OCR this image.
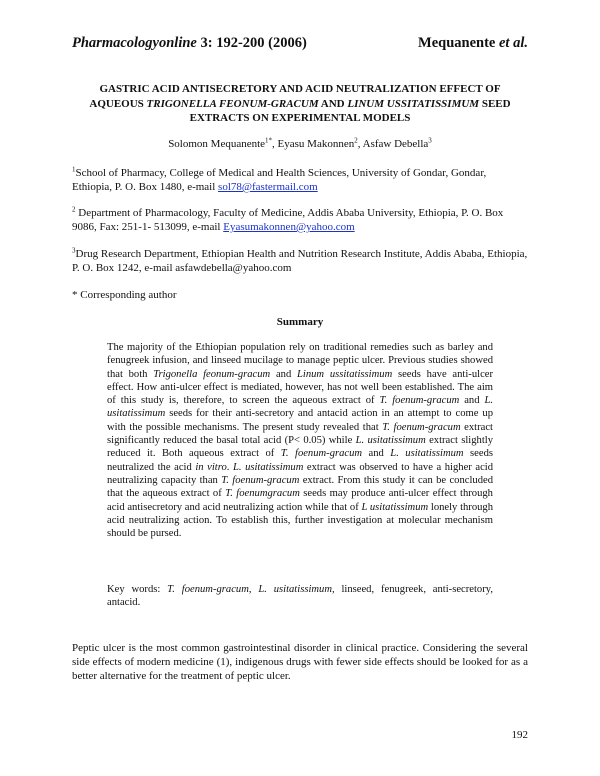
Pharmacologyonline 3: 192-200 (2006)	Mequanente et al.
GASTRIC ACID ANTISECRETORY AND ACID NEUTRALIZATION EFFECT OF
AQUEOUS TRIGONELLA FEONUM-GRACUM AND LINUM USSITATISSIMUM SEED
EXTRACTS ON EXPERIMENTAL MODELS
Solomon Mequanente$^{1*}$, Eyasu Makonnen$^2$, Asfaw Debella$^3$
$^1$School of Pharmacy, College of Medical and Health Sciences, University of Gondar, Gondar, Ethiopia, P. O. Box 1480, e-mail sol78@fastermail.com
$^2$ Department of Pharmacology, Faculty of Medicine, Addis Ababa University, Ethiopia, P. O. Box 9086, Fax: 251-1- 513099, e-mail Eyasumakonnen@yahoo.com
$^3$Drug Research Department, Ethiopian Health and Nutrition Research Institute, Addis Ababa, Ethiopia, P. O. Box 1242, e-mail asfawdebella@yahoo.com
* Corresponding author
Summary
The majority of the Ethiopian population rely on traditional remedies such as barley and fenugreek infusion, and linseed mucilage to manage peptic ulcer. Previous studies showed that both Trigonella feonum-gracum and Linum ussitatissimum seeds have anti-ulcer effect. How anti-ulcer effect is mediated, however, has not well been established. The aim of this study is, therefore, to screen the aqueous extract of T. foenum-gracum and L. usitatissimum seeds for their anti-secretory and antacid action in an attempt to come up with the possible mechanisms. The present study revealed that T. foenum-gracum extract significantly reduced the basal total acid (P< 0.05) while L. usitatissimum extract slightly reduced it. Both aqueous extract of T. foenum-gracum and L. usitatissimum seeds neutralized the acid in vitro. L. usitatissimum extract was observed to have a higher acid neutralizing capacity than T. foenum-gracum extract. From this study it can be concluded that the aqueous extract of T. foenumgracum seeds may produce anti-ulcer effect through acid antisecretory and acid neutralizing action while that of L usitatissimum lonely through acid neutralizing action. To establish this, further investigation at molecular mechanism should be pursed.
Key words: T. foenum-gracum, L. usitatissimum, linseed, fenugreek, anti-secretory, antacid.
Peptic ulcer is the most common gastrointestinal disorder in clinical practice. Considering the several side effects of modern medicine (1), indigenous drugs with fewer side effects should be looked for as a better alternative for the treatment of peptic ulcer.
192
